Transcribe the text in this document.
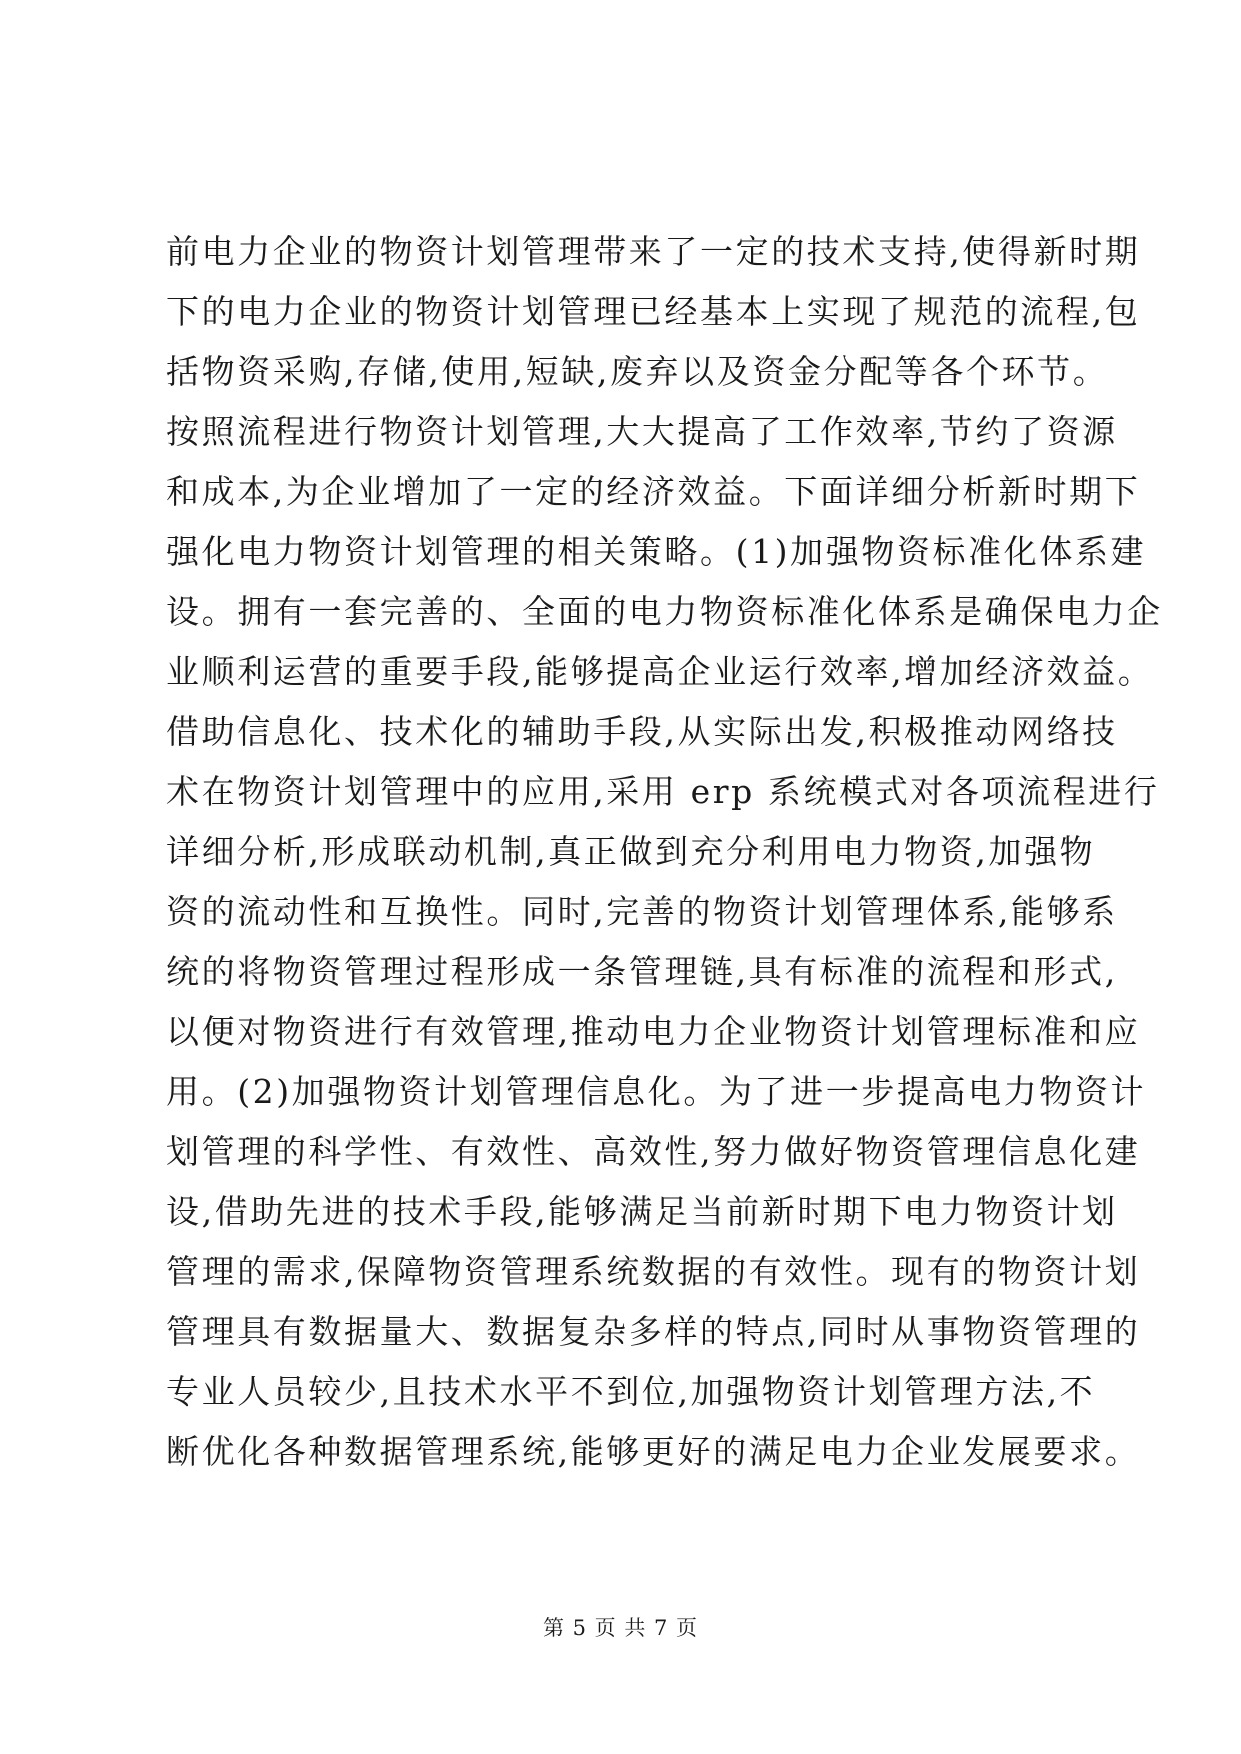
前电力企业的物资计划管理带来了一定的技术支持,使得新时期
下的电力企业的物资计划管理已经基本上实现了规范的流程,包
括物资采购,存储,使用,短缺,废弃以及资金分配等各个环节。
按照流程进行物资计划管理,大大提高了工作效率,节约了资源
和成本,为企业增加了一定的经济效益。下面详细分析新时期下
强化电力物资计划管理的相关策略。(1)加强物资标准化体系建
设。拥有一套完善的、全面的电力物资标准化体系是确保电力企
业顺利运营的重要手段,能够提高企业运行效率,增加经济效益。
借助信息化、技术化的辅助手段,从实际出发,积极推动网络技
术在物资计划管理中的应用,采用 erp 系统模式对各项流程进行
详细分析,形成联动机制,真正做到充分利用电力物资,加强物
资的流动性和互换性。同时,完善的物资计划管理体系,能够系
统的将物资管理过程形成一条管理链,具有标准的流程和形式,
以便对物资进行有效管理,推动电力企业物资计划管理标准和应
用。(2)加强物资计划管理信息化。为了进一步提高电力物资计
划管理的科学性、有效性、高效性,努力做好物资管理信息化建
设,借助先进的技术手段,能够满足当前新时期下电力物资计划
管理的需求,保障物资管理系统数据的有效性。现有的物资计划
管理具有数据量大、数据复杂多样的特点,同时从事物资管理的
专业人员较少,且技术水平不到位,加强物资计划管理方法,不
断优化各种数据管理系统,能够更好的满足电力企业发展要求。
第 5 页 共 7 页
